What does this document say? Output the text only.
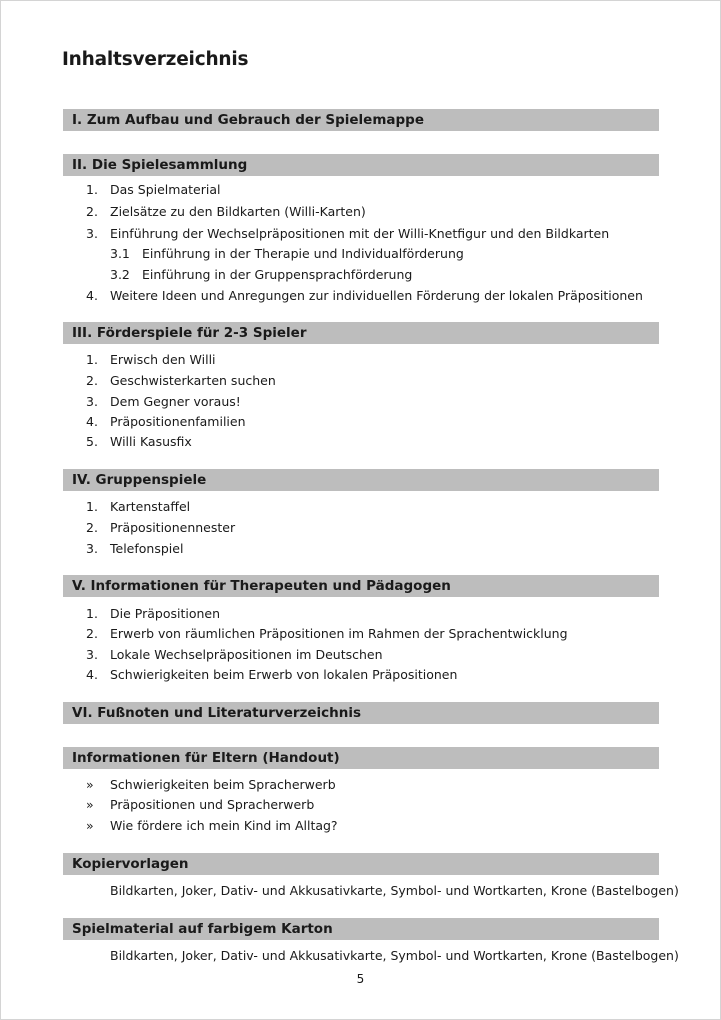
Inhaltsverzeichnis
I. Zum Aufbau und Gebrauch der Spielemappe
II. Die Spielesammlung
1. Das Spielmaterial
2. Zielsätze zu den Bildkarten (Willi-Karten)
3. Einführung der Wechselpräpositionen mit der Willi-Knetfigur und den Bildkarten
3.1 Einführung in der Therapie und Individualförderung
3.2 Einführung in der Gruppensprachförderung
4. Weitere Ideen und Anregungen zur individuellen Förderung der lokalen Präpositionen
III. Förderspiele für 2-3 Spieler
1. Erwisch den Willi
2. Geschwisterkarten suchen
3. Dem Gegner voraus!
4. Präpositionenfamilien
5. Willi Kasusfix
IV. Gruppenspiele
1. Kartenstaffel
2. Präpositionennester
3. Telefonspiel
V. Informationen für Therapeuten und Pädagogen
1. Die Präpositionen
2. Erwerb von räumlichen Präpositionen im Rahmen der Sprachentwicklung
3. Lokale Wechselpräpositionen im Deutschen
4. Schwierigkeiten beim Erwerb von lokalen Präpositionen
VI. Fußnoten und Literaturverzeichnis
Informationen für Eltern (Handout)
» Schwierigkeiten beim Spracherwerb
» Präpositionen und Spracherwerb
» Wie fördere ich mein Kind im Alltag?
Kopiervorlagen
Bildkarten, Joker, Dativ- und Akkusativkarte, Symbol- und Wortkarten, Krone (Bastelbogen)
Spielmaterial auf farbigem Karton
Bildkarten, Joker, Dativ- und Akkusativkarte, Symbol- und Wortkarten, Krone (Bastelbogen)
5
